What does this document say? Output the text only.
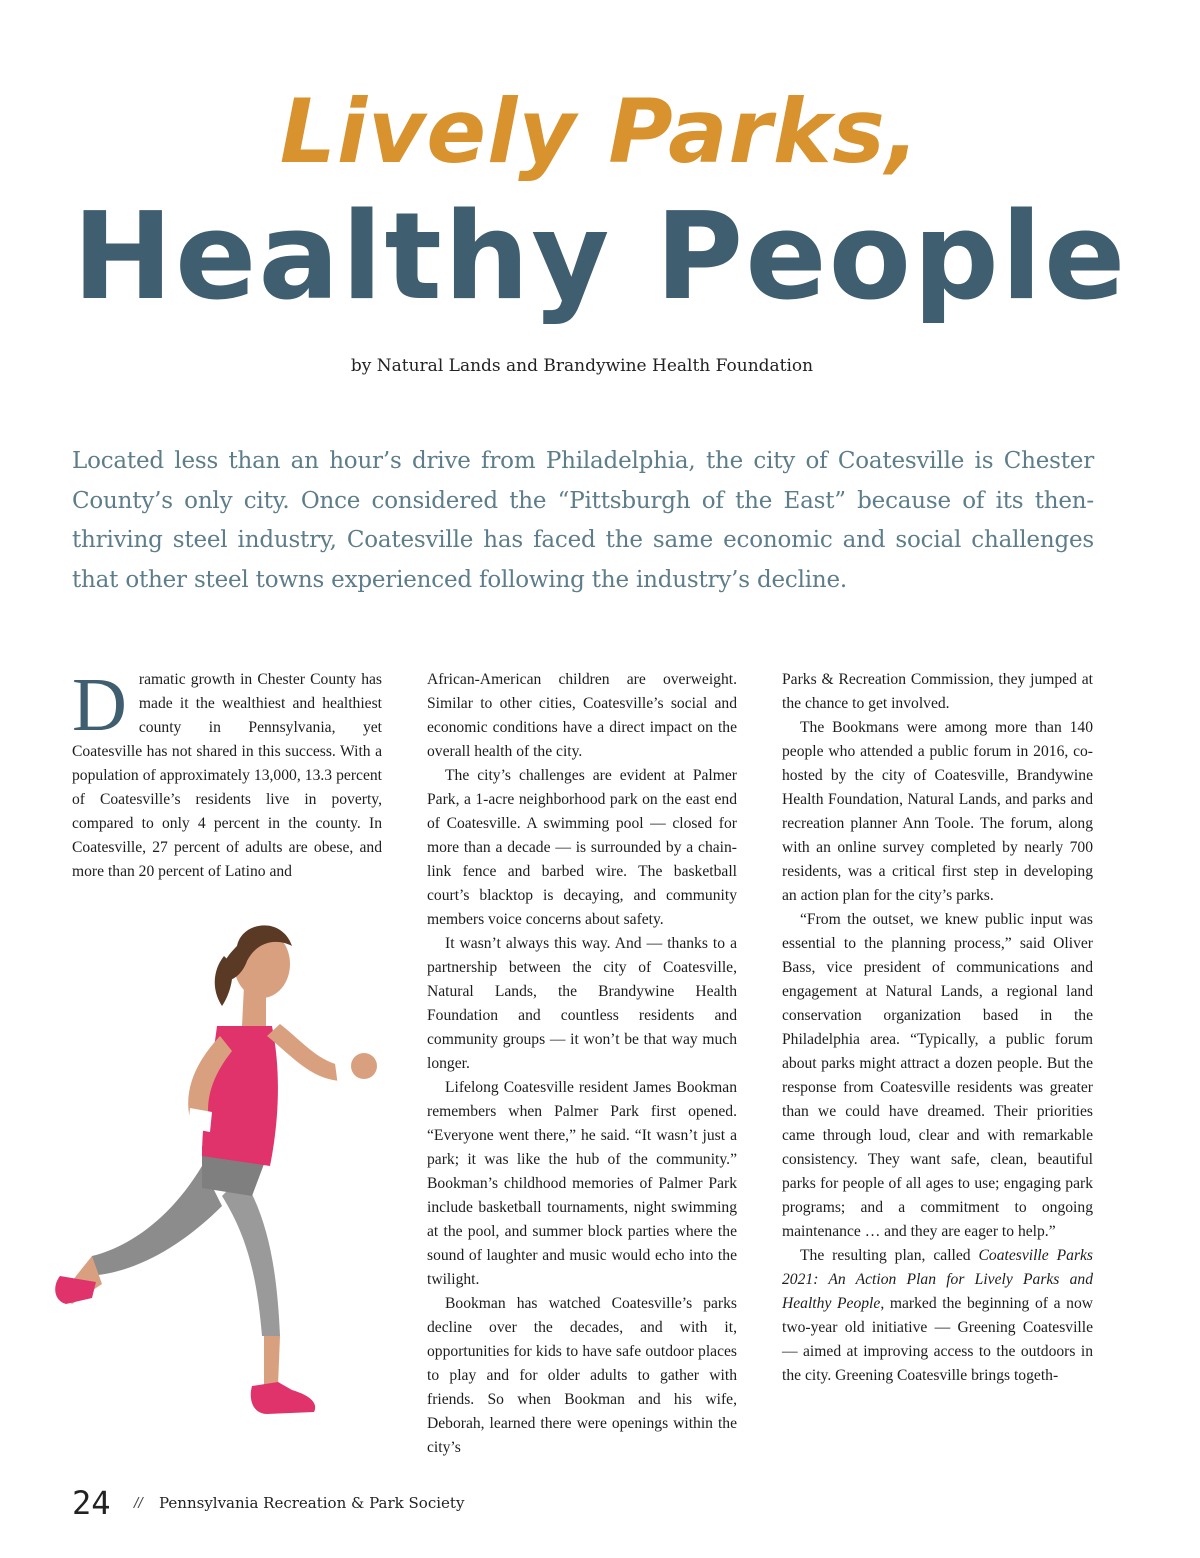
Lively Parks,
Healthy People
by Natural Lands and Brandywine Health Foundation
Located less than an hour’s drive from Philadelphia, the city of Coatesville is Chester County’s only city. Once considered the “Pittsburgh of the East” because of its then-thriving steel industry, Coatesville has faced the same economic and social challenges that other steel towns experienced following the industry’s decline.
D ramatic growth in Chester County has made it the wealthiest and healthiest county in Pennsylvania, yet Coatesville has not shared in this success. With a population of approximately 13,000, 13.3 percent of Coatesville’s residents live in poverty, compared to only 4 percent in the county. In Coatesville, 27 percent of adults are obese, and more than 20 percent of Latino and

African-American children are overweight. Similar to other cities, Coatesville’s social and economic conditions have a direct impact on the overall health of the city.

The city’s challenges are evident at Palmer Park, a 1-acre neighborhood park on the east end of Coatesville. A swimming pool — closed for more than a decade — is surrounded by a chain-link fence and barbed wire. The basketball court’s blacktop is decaying, and community members voice concerns about safety.

It wasn’t always this way. And — thanks to a partnership between the city of Coatesville, Natural Lands, the Brandywine Health Foundation and countless residents and community groups — it won’t be that way much longer.

Lifelong Coatesville resident James Bookman remembers when Palmer Park first opened. “Everyone went there,” he said. “It wasn’t just a park; it was like the hub of the community.” Bookman’s childhood memories of Palmer Park include basketball tournaments, night swimming at the pool, and summer block parties where the sound of laughter and music would echo into the twilight.

Bookman has watched Coatesville’s parks decline over the decades, and with it, opportunities for kids to have safe outdoor places to play and for older adults to gather with friends. So when Bookman and his wife, Deborah, learned there were openings within the city’s

Parks & Recreation Commission, they jumped at the chance to get involved.

The Bookmans were among more than 140 people who attended a public forum in 2016, co-hosted by the city of Coatesville, Brandywine Health Foundation, Natural Lands, and parks and recreation planner Ann Toole. The forum, along with an online survey completed by nearly 700 residents, was a critical first step in developing an action plan for the city’s parks.

“From the outset, we knew public input was essential to the planning process,” said Oliver Bass, vice president of communications and engagement at Natural Lands, a regional land conservation organization based in the Philadelphia area. “Typically, a public forum about parks might attract a dozen people. But the response from Coatesville residents was greater than we could have dreamed. Their priorities came through loud, clear and with remarkable consistency. They want safe, clean, beautiful parks for people of all ages to use; engaging park programs; and a commitment to ongoing maintenance … and they are eager to help.”

The resulting plan, called Coatesville Parks 2021: An Action Plan for Lively Parks and Healthy People, marked the beginning of a now two-year old initiative — Greening Coatesville — aimed at improving access to the outdoors in the city. Greening Coatesville brings togeth-

24 // Pennsylvania Recreation & Park Society
